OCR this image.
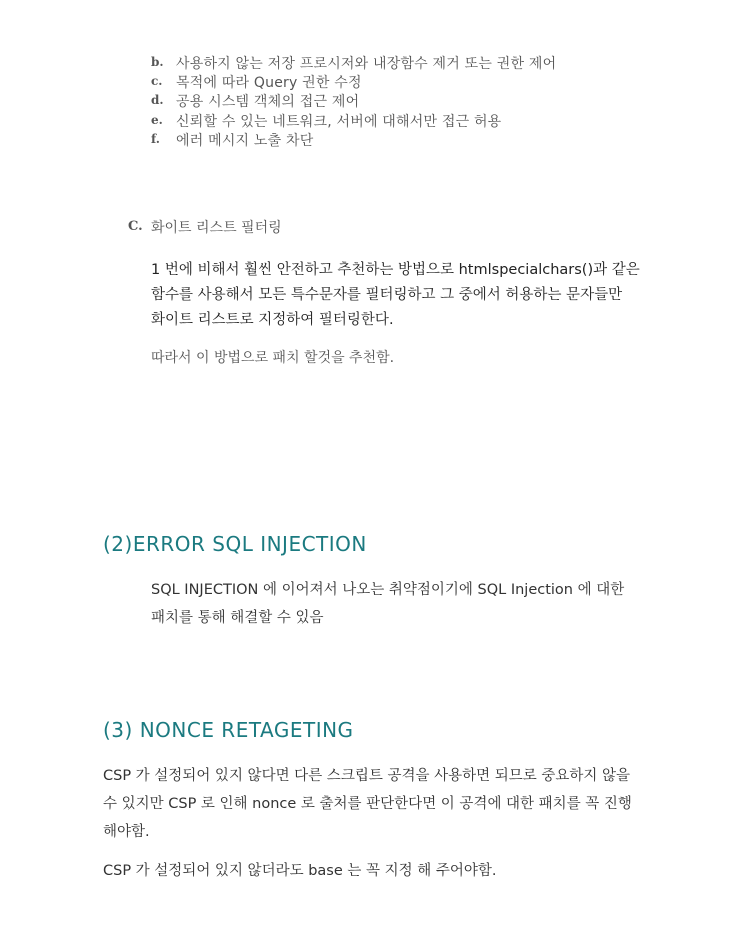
b. 사용하지 않는 저장 프로시저와 내장함수 제거 또는 권한 제어
c. 목적에 따라 Query 권한 수정
d. 공용 시스템 객체의 접근 제어
e. 신뢰할 수 있는 네트워크, 서버에 대해서만 접근 허용
f. 에러 메시지 노출 차단
C. 화이트 리스트 필터링
1 번에 비해서 훨씬 안전하고 추천하는 방법으로 htmlspecialchars()과 같은
함수를 사용해서 모든 특수문자를 필터링하고 그 중에서 허용하는 문자들만
화이트 리스트로 지정하여 필터링한다.
따라서 이 방법으로 패치 할것을 추천함.
(2)ERROR SQL INJECTION
SQL INJECTION 에 이어져서 나오는 취약점이기에 SQL Injection 에 대한
패치를 통해 해결할 수 있음
(3) NONCE RETAGETING
CSP 가 설정되어 있지 않다면 다른 스크립트 공격을 사용하면 되므로 중요하지 않을
수 있지만 CSP 로 인해 nonce 로 출처를 판단한다면 이 공격에 대한 패치를 꼭 진행
해야함.
CSP 가 설정되어 있지 않더라도 base 는 꼭 지정 해 주어야함.
